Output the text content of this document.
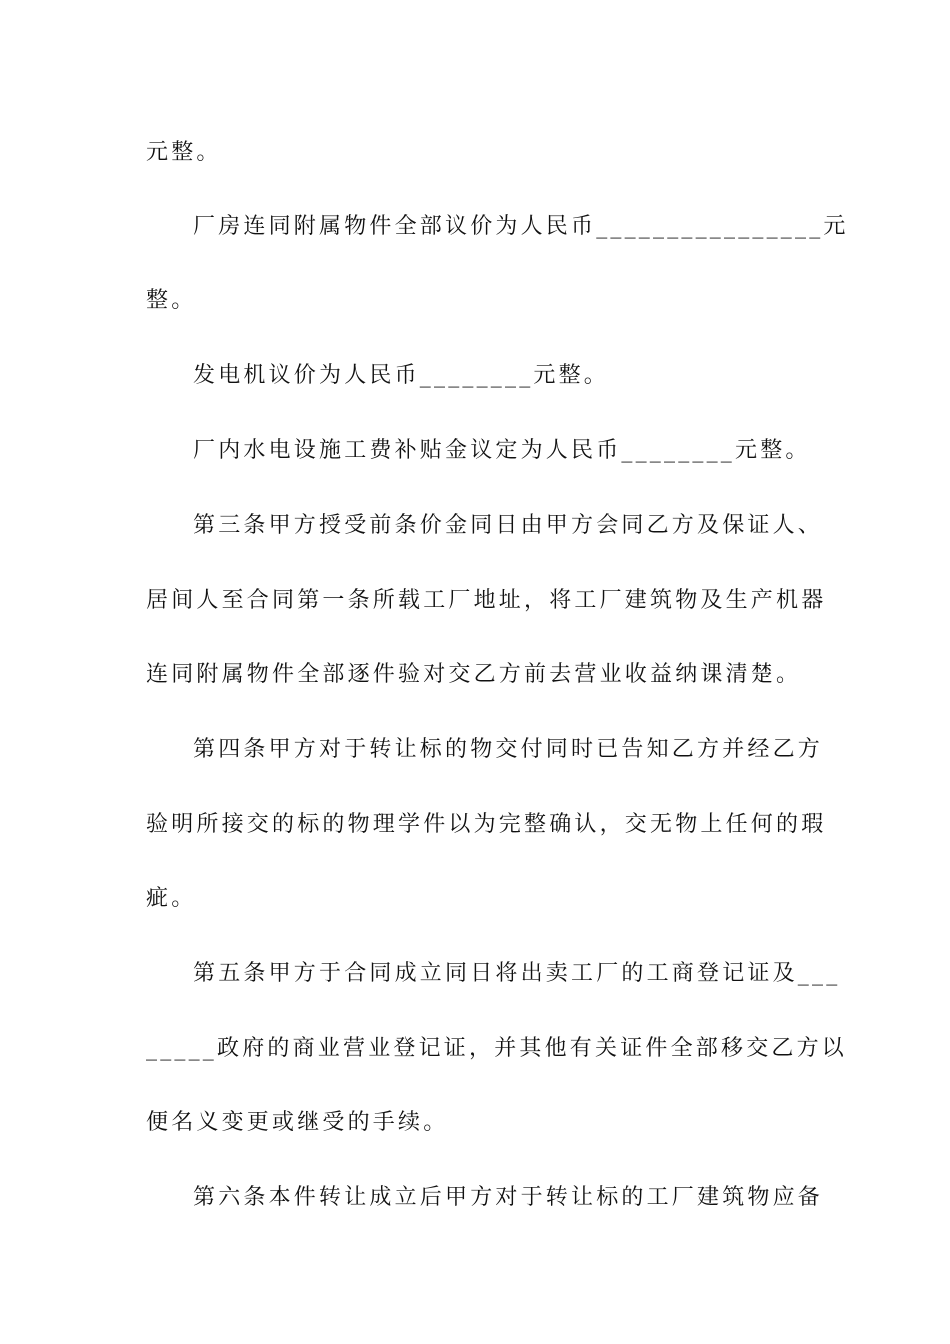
元整。
厂房连同附属物件全部议价为人民币________________元
整。
发电机议价为人民币________元整。
厂内水电设施工费补贴金议定为人民币________元整。
第三条甲方授受前条价金同日由甲方会同乙方及保证人、
居间人至合同第一条所载工厂地址，将工厂建筑物及生产机器
连同附属物件全部逐件验对交乙方前去营业收益纳课清楚。
第四条甲方对于转让标的物交付同时已告知乙方并经乙方
验明所接交的标的物理学件以为完整确认，交无物上任何的瑕
疵。
第五条甲方于合同成立同日将出卖工厂的工商登记证及___
_____政府的商业营业登记证，并其他有关证件全部移交乙方以
便名义变更或继受的手续。
第六条本件转让成立后甲方对于转让标的工厂建筑物应备
